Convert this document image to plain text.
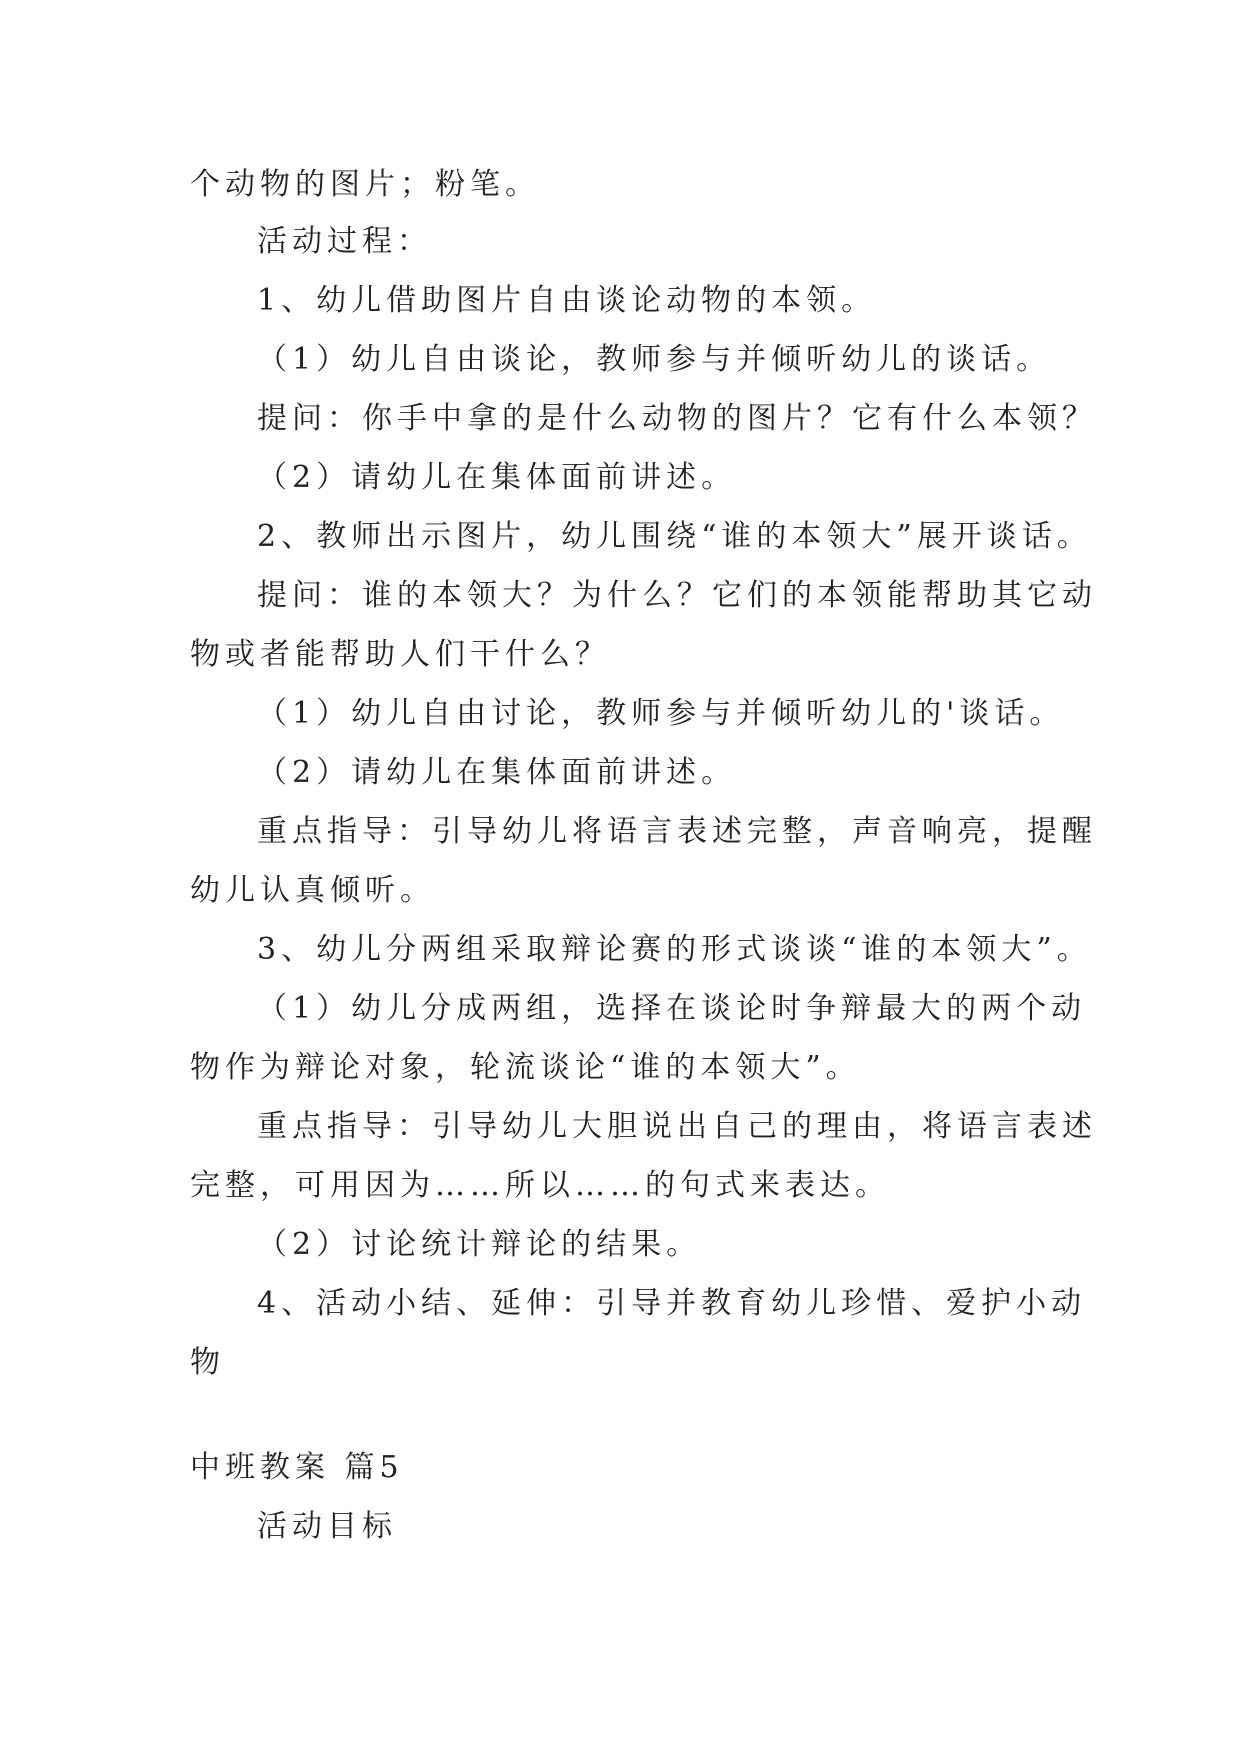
个动物的图片；粉笔。
活动过程：
1、幼儿借助图片自由谈论动物的本领。
（1）幼儿自由谈论，教师参与并倾听幼儿的谈话。
提问：你手中拿的是什么动物的图片？它有什么本领？
（2）请幼儿在集体面前讲述。
2、教师出示图片，幼儿围绕“谁的本领大”展开谈话。
提问：谁的本领大？为什么？它们的本领能帮助其它动
物或者能帮助人们干什么？
（1）幼儿自由讨论，教师参与并倾听幼儿的'谈话。
（2）请幼儿在集体面前讲述。
重点指导：引导幼儿将语言表述完整，声音响亮，提醒
幼儿认真倾听。
3、幼儿分两组采取辩论赛的形式谈谈“谁的本领大”。
（1）幼儿分成两组，选择在谈论时争辩最大的两个动
物作为辩论对象，轮流谈论“谁的本领大”。
重点指导：引导幼儿大胆说出自己的理由，将语言表述
完整，可用因为……所以……的句式来表达。
（2）讨论统计辩论的结果。
4、活动小结、延伸：引导并教育幼儿珍惜、爱护小动
物
中班教案 篇5
活动目标
